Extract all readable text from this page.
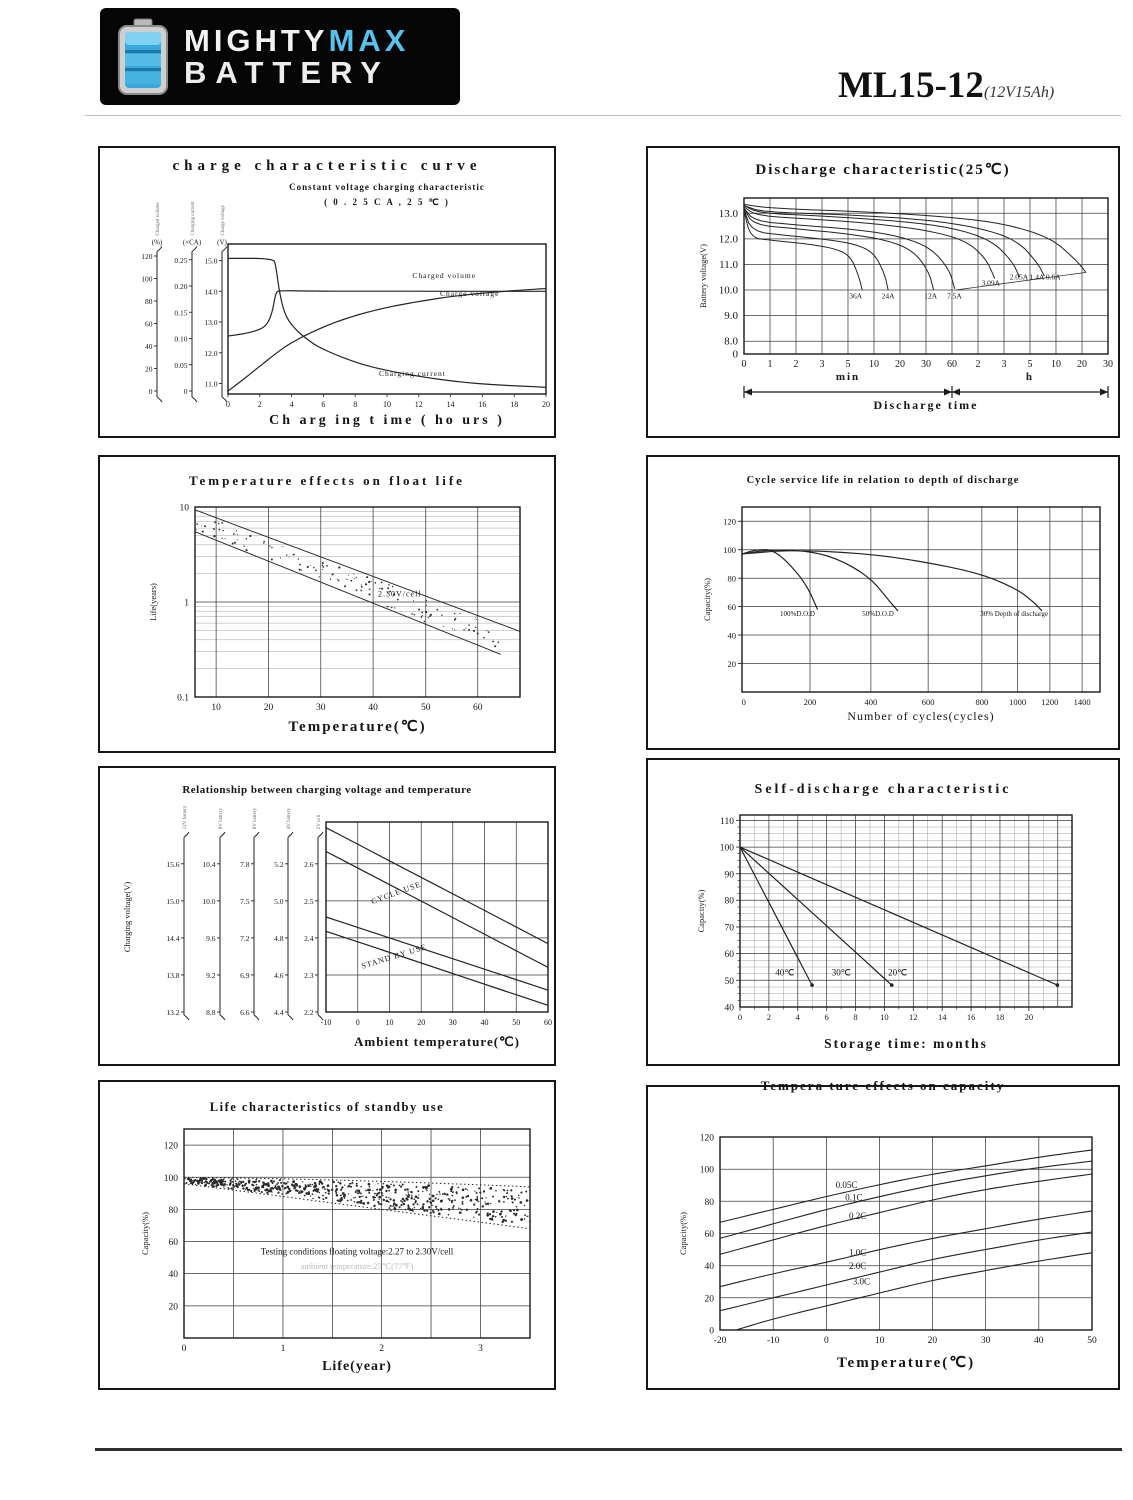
MIGHTYMAX
BATTERY	ML15-12(12V15Ah)
charge characteristic curve
0	2	4	6	8	10	12	14	16	18	20
0
20
40
60
80
100
120
(%)
Charged volume
0
0.05
0.10
0.15
0.20
0.25
(×CA)
Charging current
11.0
12.0
13.0
14.0
15.0
(V)
Charge voltage
Charged volume
Charge voltage
Charging current
Constant voltage charging characteristic
( 0 . 2 5 C A , 2 5 ℃ )
Ch arg ing t ime ( ho urs )
Discharge characteristic(25℃)
0 1 2 3 5 10 20 30 60 2 3 5 10 20 30
13.0
12.0
11.0
10.0
9.0
8.0
0
36A	24A	12A 7.5A
3.09A
2.05A 1.4A 0.6A
Battery voltage(V)
min	h
Discharge time
Temperature effects on float life
10	20	30	40	50	60
10
1
0.1
2.30V/cell
Temperature(℃)
Life(years)
Cycle service life in relation to depth of discharge
0	200	400	600	800 1000 1200 1400
120
100
80
60
40
20
100%D.O.D	50%D.O.D	30% Depth of discharge
Number of cycles(cycles)
Capacity(%)
Relationship between charging voltage and temperature
-10	0	10	20	30	40	50	60
15.6
15.0
14.4
13.8
13.2
12V battery
10.4
10.0
9.6
9.2
8.8
8V battery
7.8
7.5
7.2
6.9
6.6
6V battery
5.2
5.0
4.8
4.6
4.4
4V battery
2.6
2.5
2.4
2.3
2.2
2V cell
CYCLE USE
STAND BY USE
Ambient temperature(℃)
Charging voltage(V)
Self-discharge characteristic
0	2	4	6	8	10 12 14 16 18 20
110
100
90
80
70
60
50
40
40℃	30℃	20℃
Storage time: months
Capacity(%)
Life characteristics of standby use
0	1	2	3
120
100
80
60
40
20
Testing conditions floating voltage:2.27 to 2.30V/cell
ambient temperature:25℃(77℉)
Life(year)
Capacity(%)
Tempera ture effects on capacity
-20	-10	0	10	20	30	40	50
120
100
80
60
40
20
0
0.05C
0.1C
0.2C
1.0C
2.0C
3.0C
Temperature(℃)
Capacity(%)
